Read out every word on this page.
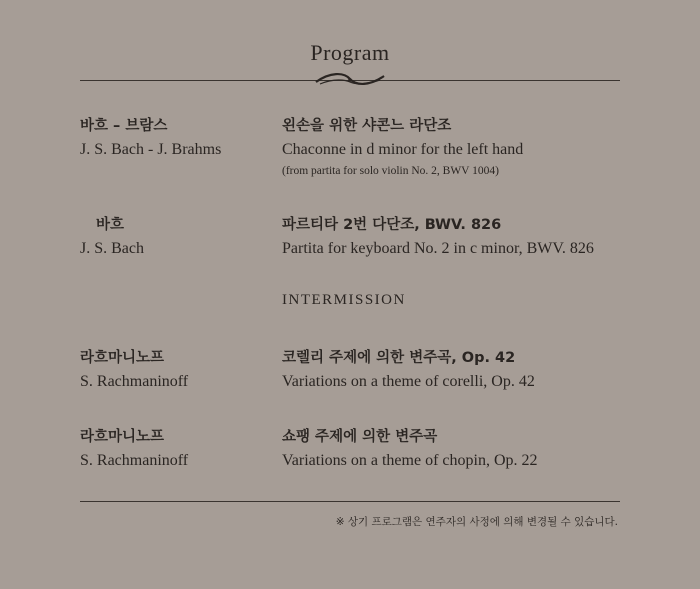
Program
바흐 – 브람스
J. S. Bach - J. Brahms
왼손을 위한 샤콘느 라단조
Chaconne in d minor for the left hand
(from partita for solo violin No. 2, BWV 1004)
바흐
J. S. Bach
파르티타 2번 다단조, BWV. 826
Partita for keyboard No. 2 in c minor, BWV. 826
INTERMISSION
라흐마니노프
S. Rachmaninoff
코렐리 주제에 의한 변주곡, Op. 42
Variations on a theme of corelli, Op. 42
라흐마니노프
S. Rachmaninoff
쇼팽 주제에 의한 변주곡
Variations on a theme of chopin, Op. 22
※ 상기 프로그램은 연주자의 사정에 의해 변경될 수 있습니다.
